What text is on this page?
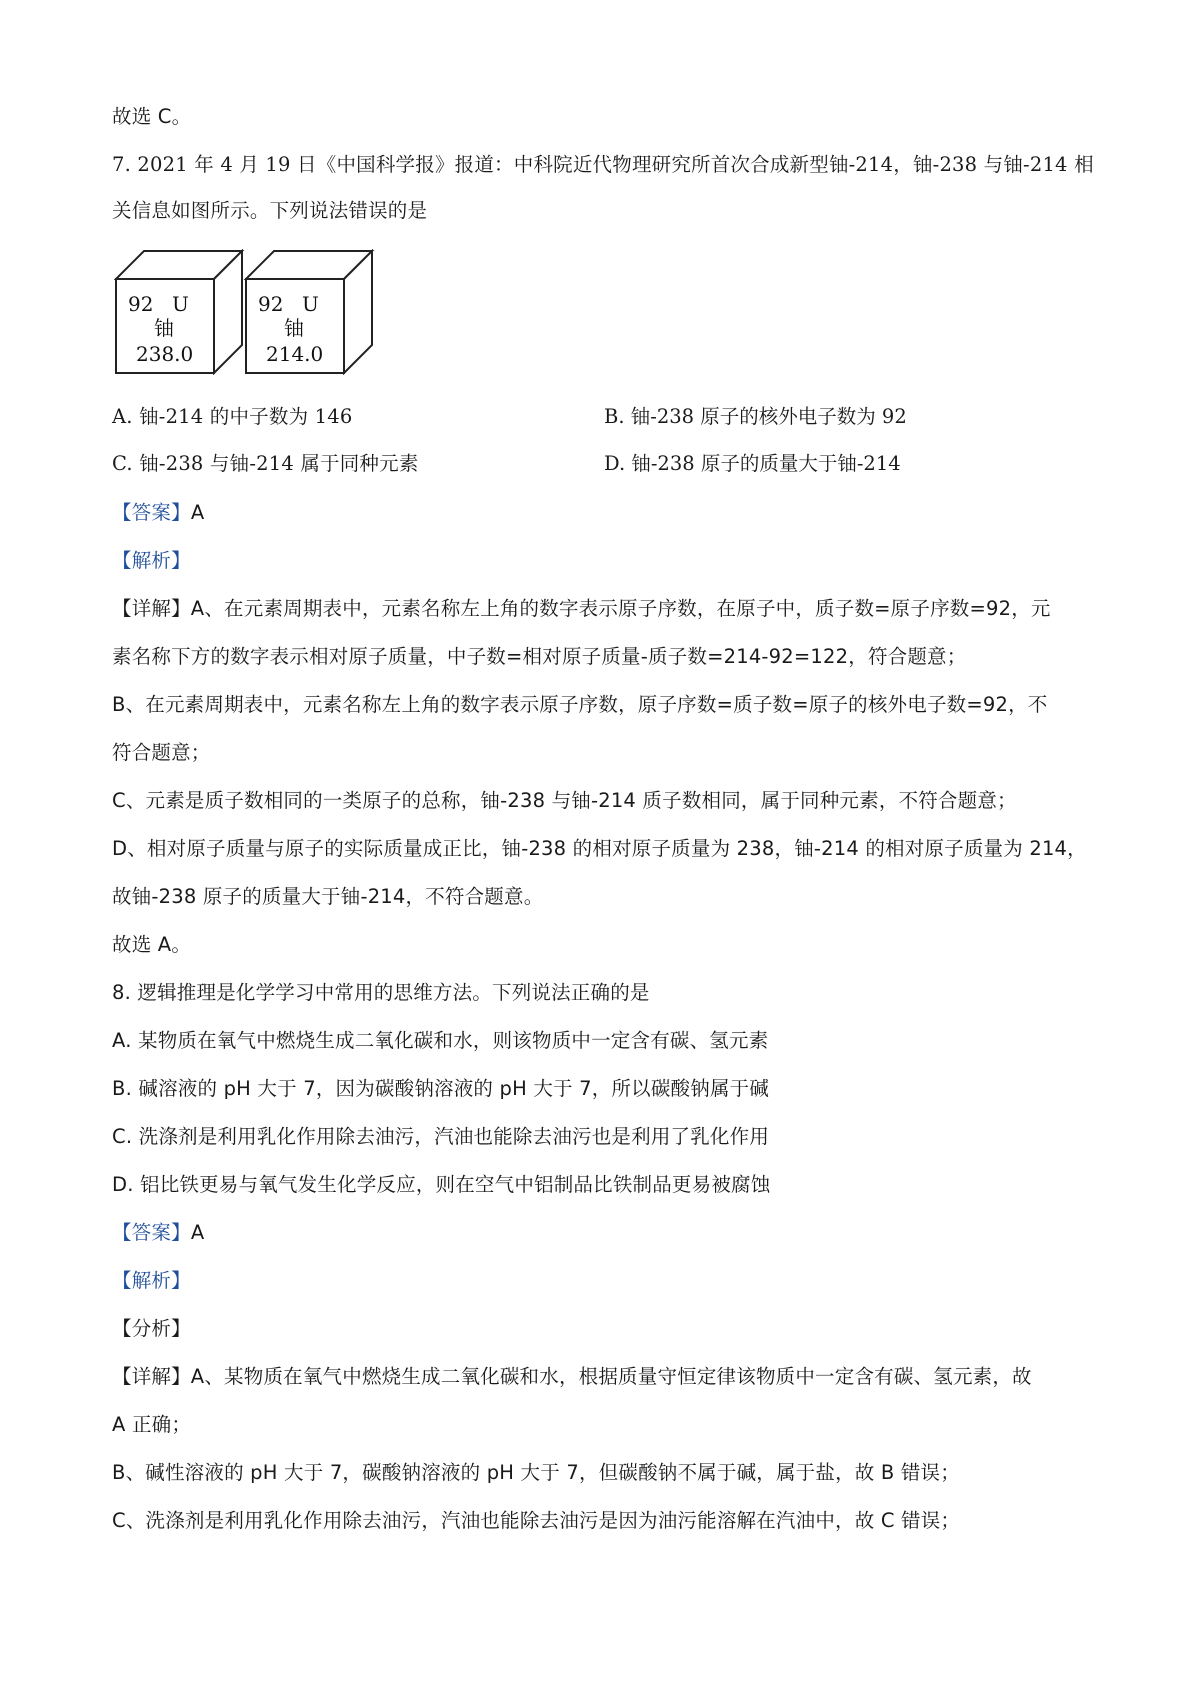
故选 C。
7. 2021 年 4 月 19 日《中国科学报》报道：中科院近代物理研究所首次合成新型铀-214，铀-238 与铀-214 相
关信息如图所示。下列说法错误的是
92 U
铀
238.0
92 U
铀
214.0
A. 铀-214 的中子数为 146	B. 铀-238 原子的核外电子数为 92
C. 铀-238 与铀-214 属于同种元素	D. 铀-238 原子的质量大于铀-214
【答案】A
【解析】
【详解】A、在元素周期表中，元素名称左上角的数字表示原子序数，在原子中，质子数=原子序数=92，元
素名称下方的数字表示相对原子质量，中子数=相对原子质量-质子数=214-92=122，符合题意；
B、在元素周期表中，元素名称左上角的数字表示原子序数，原子序数=质子数=原子的核外电子数=92，不
符合题意；
C、元素是质子数相同的一类原子的总称，铀-238 与铀-214 质子数相同，属于同种元素，不符合题意；
D、相对原子质量与原子的实际质量成正比，铀-238 的相对原子质量为 238，铀-214 的相对原子质量为 214，
故铀-238 原子的质量大于铀-214，不符合题意。
故选 A。
8. 逻辑推理是化学学习中常用的思维方法。下列说法正确的是
A. 某物质在氧气中燃烧生成二氧化碳和水，则该物质中一定含有碳、氢元素
B. 碱溶液的 pH 大于 7，因为碳酸钠溶液的 pH 大于 7，所以碳酸钠属于碱
C. 洗涤剂是利用乳化作用除去油污，汽油也能除去油污也是利用了乳化作用
D. 铝比铁更易与氧气发生化学反应，则在空气中铝制品比铁制品更易被腐蚀
【答案】A
【解析】
【分析】
【详解】A、某物质在氧气中燃烧生成二氧化碳和水，根据质量守恒定律该物质中一定含有碳、氢元素，故
A 正确；
B、碱性溶液的 pH 大于 7，碳酸钠溶液的 pH 大于 7，但碳酸钠不属于碱，属于盐，故 B 错误；
C、洗涤剂是利用乳化作用除去油污，汽油也能除去油污是因为油污能溶解在汽油中，故 C 错误；
